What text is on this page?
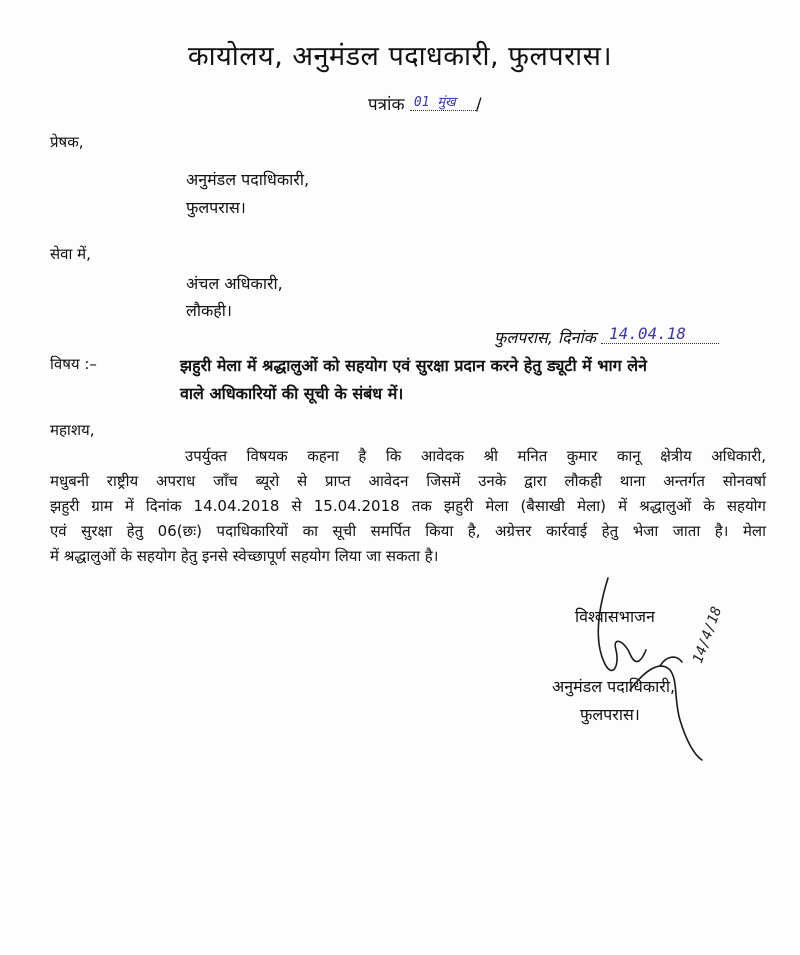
कायोलय, अनुमंडल पदाधकारी, फुलपरास।
पत्रांक 01 मुंख /
प्रेषक,
अनुमंडल पदाधिकारी,
फुलपरास।
सेवा में,
अंचल अधिकारी,
लौकही।
फुलपरास, दिनांक 14.04.18
विषय :–	झहुरी मेला में श्रद्धालुओं को सहयोग एवं सुरक्षा प्रदान करने हेतु ड्यूटी में भाग लेने
वाले अधिकारियों की सूची के संबंध में।
महाशय,
उपर्युक्त विषयक कहना है कि आवेदक श्री मनित कुमार कानू क्षेत्रीय अधिकारी,
मधुबनी राष्ट्रीय अपराध जाँच ब्यूरो से प्राप्त आवेदन जिसमें उनके द्वारा लौकही थाना अन्तर्गत सोनवर्षा
झहुरी ग्राम में दिनांक 14.04.2018 से 15.04.2018 तक झहुरी मेला (बैसाखी मेला) में श्रद्धालुओं के सहयोग
एवं सुरक्षा हेतु 06(छः) पदाधिकारियों का सूची समर्पित किया है, अग्रेत्तर कार्रवाई हेतु भेजा जाता है। मेला
में श्रद्धालुओं के सहयोग हेतु इनसे स्वेच्छापूर्ण सहयोग लिया जा सकता है।
विश्वासभाजन
अनुमंडल पदाधिकारी,
फुलपरास।
14/4/18
